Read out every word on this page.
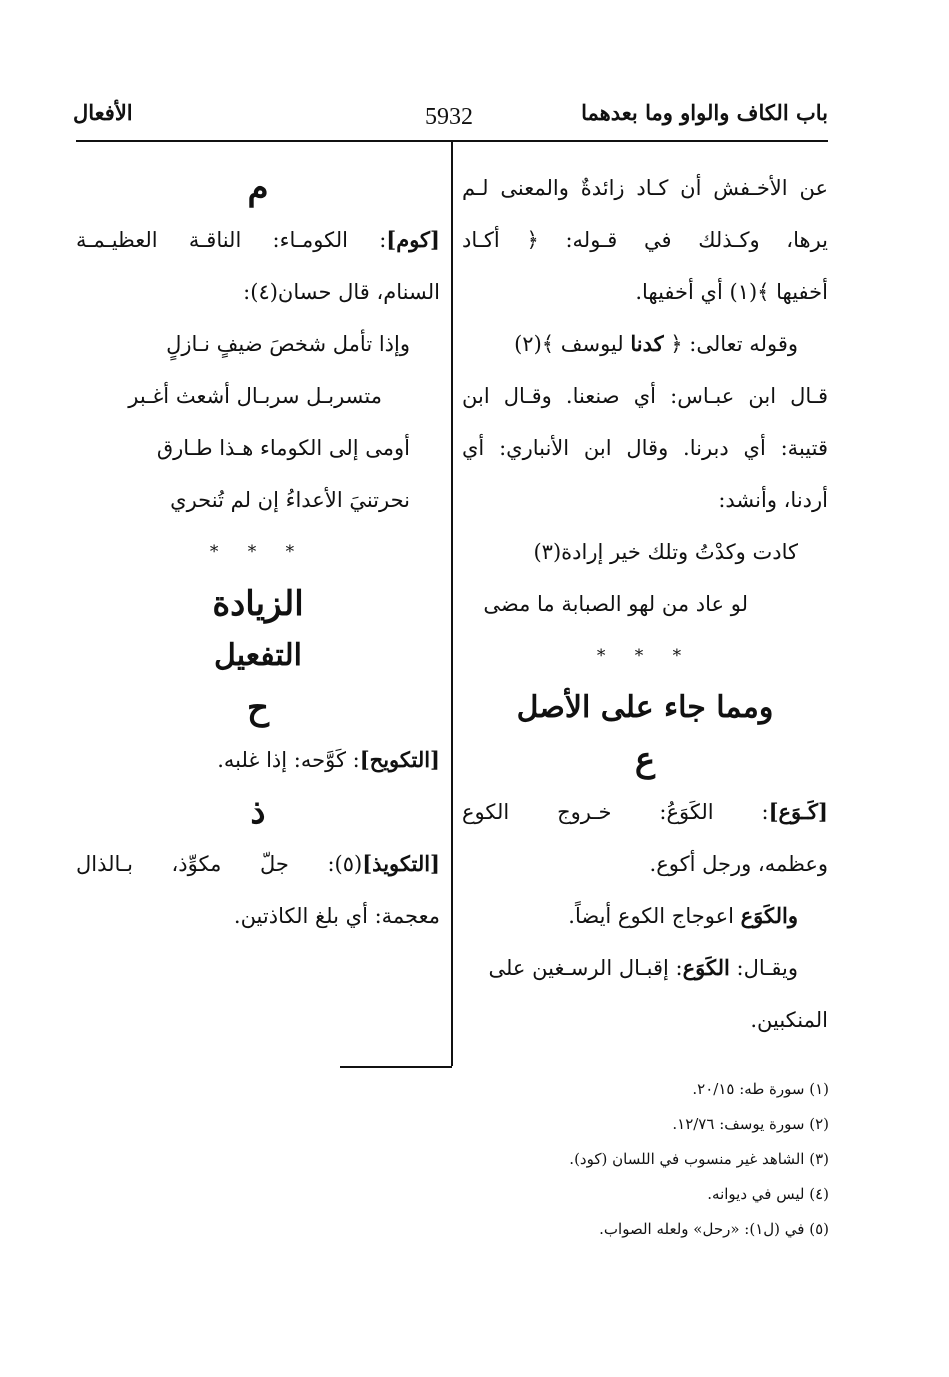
باب الكاف والواو وما بعدهما
5932
الأفعال
عن الأخـفش أن كـاد زائدةٌ والمعنى لـم
يرها، وكـذلك في قـوله: ﴿ أكـاد
أخفيها ﴾(١) أي أخفيها.
وقوله تعالى: ﴿ كدنا ليوسف ﴾(٢)
قـال ابن عبـاس: أي صنعنا. وقـال ابن
قتيبة: أي دبرنا. وقال ابن الأنباري: أي
أردنا، وأنشد:
كادت وكدْتُ وتلك خير إرادة(٣)
لو عاد من لهو الصبابة ما مضى
* * *
ومما جاء على الأصل
ع
[كَـوَع]: الكَوَعُ: خـروج الكوع
وعظمه، ورجل أكوع.
والكَوَع اعوجاج الكوع أيضاً.
ويقـال: الكَوَع: إقبـال الرسـغين على
المنكبين.
م
[كوم]: الكومـاء: الناقـة العظيـمـة
السنام، قال حسان(٤):
وإذا تأمل شخصَ ضيفٍ نـازلٍ
متسربـل سربـال أشعث أغـبر
أومى إلى الكوماء هـذا طـارق
نحرتنيَ الأعداءُ إن لم تُنحري
* * *
الزيادة
التفعيل
ح
[التكويح]: كَوَّحه: إذا غلبه.
ذ
[التكويذ](٥): جلّ مكوِّذ، بـالذال
معجمة: أي بلغ الكاذتين.
(١) سورة طه: ٢٠/١٥.
(٢) سورة يوسف: ١٢/٧٦.
(٣) الشاهد غير منسوب في اللسان (كود).
(٤) ليس في ديوانه.
(٥) في (ل١): «رحل» ولعله الصواب.
